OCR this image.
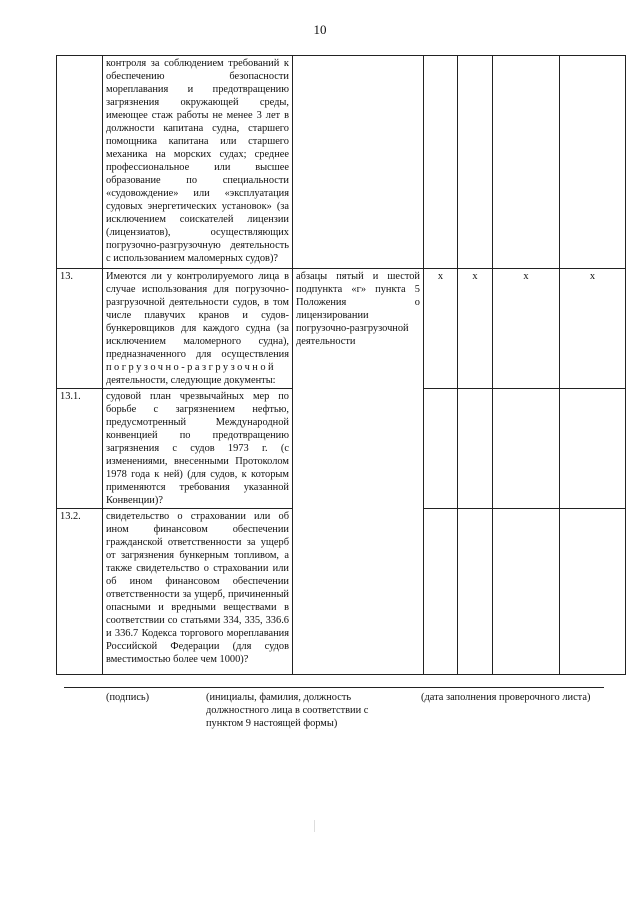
10
	контроля за соблюдением требований к обеспечению безопасности мореплавания и предотвращению загрязнения окружающей среды, имеющее стаж работы не менее 3 лет в должности капитана судна, старшего помощника капитана или старшего механика на морских судах; среднее профессиональное или высшее образование по специальности «судовождение» или «эксплуатация судовых энергетических установок» (за исключением соискателей лицензии (лицензиатов), осуществляющих погрузочно-разгрузочную деятельность с использованием маломерных судов)?					
13.	Имеются ли у контролируемого лица в случае использования для погрузочно-разгрузочной деятельности судов, в том числе плавучих кранов и судов-бункеровщиков для каждого судна (за исключением маломерного судна), предназначенного для осуществления погрузочно-разгрузочной деятельности, следующие документы:	абзацы пятый и шестой подпункта «г» пункта 5 Положения о лицензировании погрузочно-разгрузочной деятельности	х	х	х	х
13.1.	судовой план чрезвычайных мер по борьбе с загрязнением нефтью, предусмотренный Международной конвенцией по предотвращению загрязнения с судов 1973 г. (с изменениями, внесенными Протоколом 1978 года к ней) (для судов, к которым применяются требования указанной Конвенции)?					
13.2.	свидетельство о страховании или об ином финансовом обеспечении гражданской ответственности за ущерб от загрязнения бункерным топливом, а также свидетельство о страховании или об ином финансовом обеспечении ответственности за ущерб, причиненный опасными и вредными веществами в соответствии со статьями 334, 335, 336.6 и 336.7 Кодекса торгового мореплавания Российской Федерации (для судов вместимостью более чем 1000)?					
(подпись)	(инициалы, фамилия, должность должностного лица в соответствии с пунктом 9 настоящей формы)
(дата заполнения проверочного листа)
